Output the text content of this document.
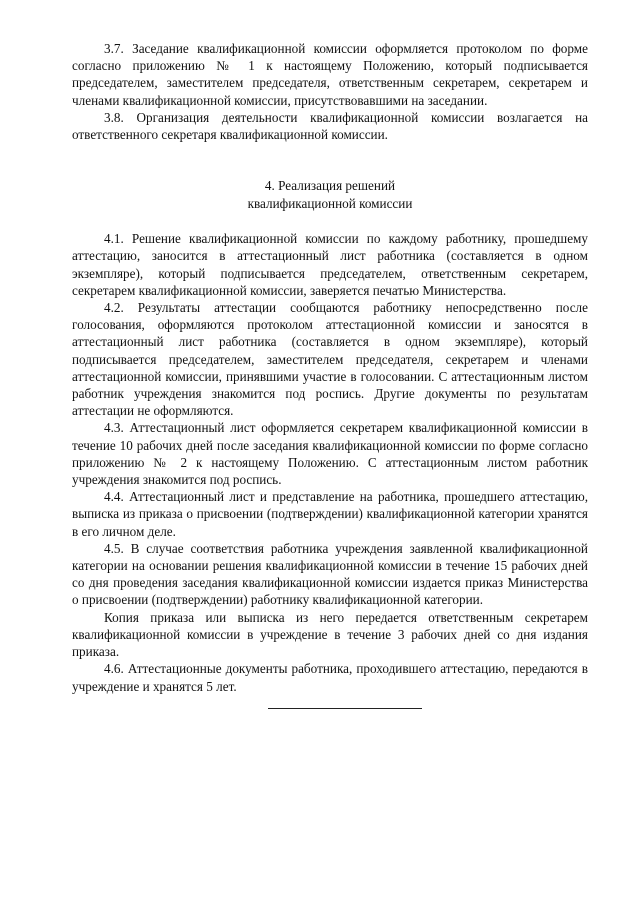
3.7. Заседание квалификационной комиссии оформляется протоколом по форме согласно приложению № 1 к настоящему Положению, который подписывается председателем, заместителем председателя, ответственным секретарем, секретарем и членами квалификационной комиссии, присутствовавшими на заседании.

3.8. Организация деятельности квалификационной комиссии возлагается на ответственного секретаря квалификационной комиссии.

4. Реализация решений
квалификационной комиссии

4.1. Решение квалификационной комиссии по каждому работнику, прошедшему аттестацию, заносится в аттестационный лист работника (составляется в одном экземпляре), который подписывается председателем, ответственным секретарем, секретарем квалификационной комиссии, заверяется печатью Министерства.

4.2. Результаты аттестации сообщаются работнику непосредственно после голосования, оформляются протоколом аттестационной комиссии и заносятся в аттестационный лист работника (составляется в одном экземпляре), который подписывается председателем, заместителем председателя, секретарем и членами аттестационной комиссии, принявшими участие в голосовании. С аттестационным листом работник учреждения знакомится под роспись. Другие документы по результатам аттестации не оформляются.

4.3. Аттестационный лист оформляется секретарем квалификационной комиссии в течение 10 рабочих дней после заседания квалификационной комиссии по форме согласно приложению № 2 к настоящему Положению. С аттестационным листом работник учреждения знакомится под роспись.

4.4. Аттестационный лист и представление на работника, прошедшего аттестацию, выписка из приказа о присвоении (подтверждении) квалификационной категории хранятся в его личном деле.

4.5. В случае соответствия работника учреждения заявленной квалификационной категории на основании решения квалификационной комиссии в течение 15 рабочих дней со дня проведения заседания квалификационной комиссии издается приказ Министерства о присвоении (подтверждении) работнику квалификационной категории.

Копия приказа или выписка из него передается ответственным секретарем квалификационной комиссии в учреждение в течение 3 рабочих дней со дня издания приказа.

4.6. Аттестационные документы работника, проходившего аттестацию, передаются в учреждение и хранятся 5 лет.
